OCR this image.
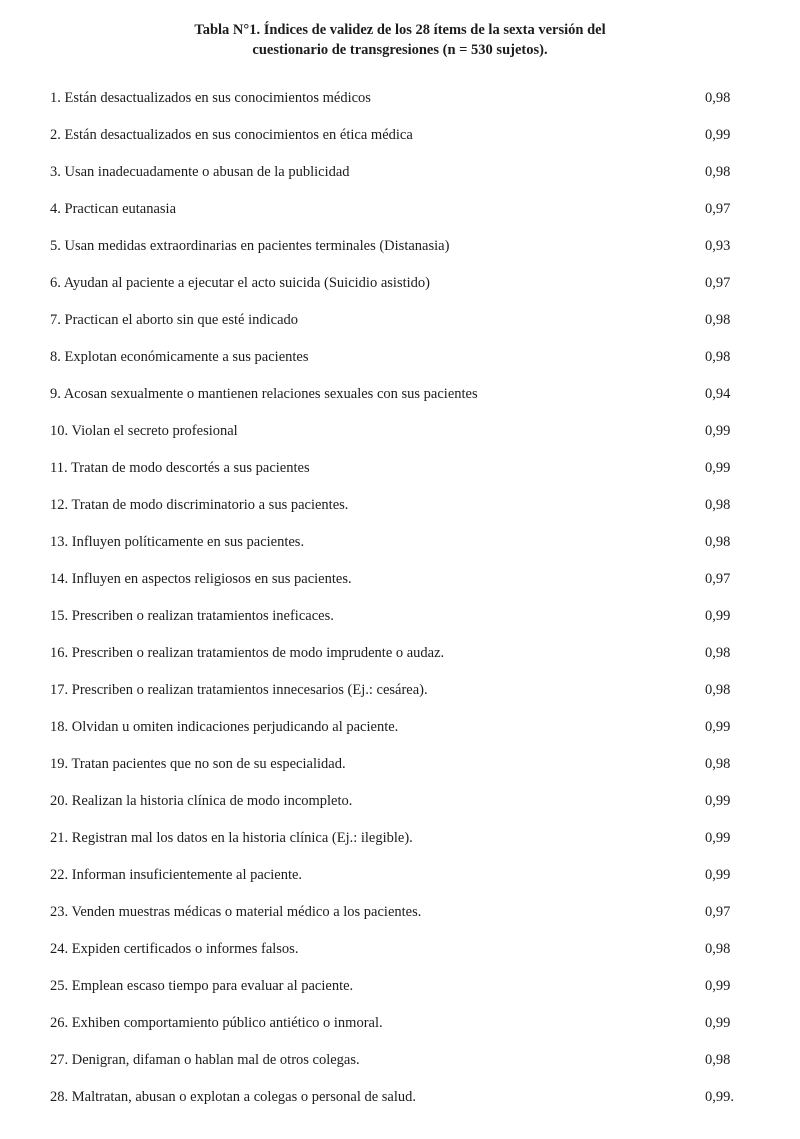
Tabla N°1. Índices de validez de los 28 ítems de la sexta versión del
cuestionario de transgresiones (n = 530 sujetos).
1. Están desactualizados en sus conocimientos médicos	0,98
2. Están desactualizados en sus conocimientos en ética médica	0,99
3. Usan inadecuadamente o abusan de la publicidad	0,98
4. Practican eutanasia	0,97
5. Usan medidas extraordinarias en pacientes terminales (Distanasia)	0,93
6. Ayudan al paciente a ejecutar el acto suicida (Suicidio asistido)	0,97
7. Practican el aborto sin que esté indicado	0,98
8. Explotan económicamente a sus pacientes	0,98
9. Acosan sexualmente o mantienen relaciones sexuales con sus pacientes	0,94
10. Violan el secreto profesional	0,99
11. Tratan de modo descortés a sus pacientes	0,99
12. Tratan de modo discriminatorio a sus pacientes.	0,98
13. Influyen políticamente en sus pacientes.	0,98
14. Influyen en aspectos religiosos en sus pacientes.	0,97
15. Prescriben o realizan tratamientos ineficaces.	0,99
16. Prescriben o realizan tratamientos de modo imprudente o audaz.	0,98
17. Prescriben o realizan tratamientos innecesarios (Ej.: cesárea).	0,98
18. Olvidan u omiten indicaciones perjudicando al paciente.	0,99
19. Tratan pacientes que no son de su especialidad.	0,98
20. Realizan la historia clínica de modo incompleto.	0,99
21. Registran mal los datos en la historia clínica (Ej.: ilegible).	0,99
22. Informan insuficientemente al paciente.	0,99
23. Venden muestras médicas o material médico a los pacientes.	0,97
24. Expiden certificados o informes falsos.	0,98
25. Emplean escaso tiempo para evaluar al paciente.	0,99
26. Exhiben comportamiento público antiético o inmoral.	0,99
27. Denigran, difaman o hablan mal de otros colegas.	0,98
28. Maltratan, abusan o explotan a colegas o personal de salud.	0,99.
